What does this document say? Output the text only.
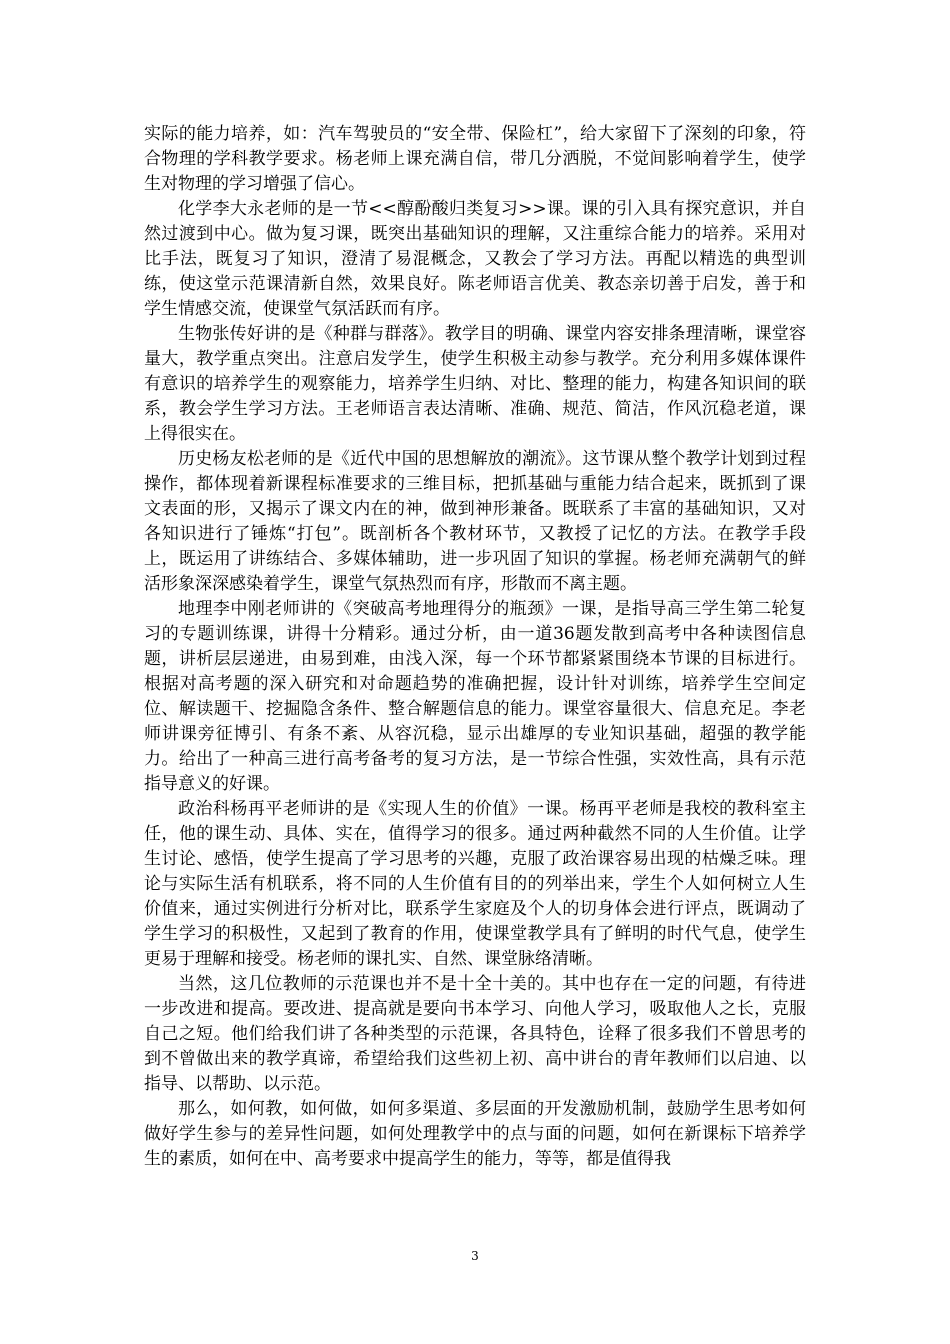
实际的能力培养，如：汽车驾驶员的“安全带、保险杠”，给大家留下了深刻的印象，符合物理的学科教学要求。杨老师上课充满自信，带几分洒脱，不觉间影响着学生，使学生对物理的学习增强了信心。

化学李大永老师的是一节<<醇酚酸归类复习>>课。课的引入具有探究意识，并自然过渡到中心。做为复习课，既突出基础知识的理解，又注重综合能力的培养。采用对比手法，既复习了知识，澄清了易混概念，又教会了学习方法。再配以精选的典型训练，使这堂示范课清新自然，效果良好。陈老师语言优美、教态亲切善于启发，善于和学生情感交流，使课堂气氛活跃而有序。

生物张传好讲的是《种群与群落》。教学目的明确、课堂内容安排条理清晰，课堂容量大，教学重点突出。注意启发学生，使学生积极主动参与教学。充分利用多媒体课件有意识的培养学生的观察能力，培养学生归纳、对比、整理的能力，构建各知识间的联系，教会学生学习方法。王老师语言表达清晰、准确、规范、简洁，作风沉稳老道，课上得很实在。

历史杨友松老师的是《近代中国的思想解放的潮流》。这节课从整个教学计划到过程操作，都体现着新课程标准要求的三维目标，把抓基础与重能力结合起来，既抓到了课文表面的形，又揭示了课文内在的神，做到神形兼备。既联系了丰富的基础知识，又对各知识进行了锤炼“打包”。既剖析各个教材环节，又教授了记忆的方法。在教学手段上，既运用了讲练结合、多媒体辅助，进一步巩固了知识的掌握。杨老师充满朝气的鲜活形象深深感染着学生，课堂气氛热烈而有序，形散而不离主题。

地理李中刚老师讲的《突破高考地理得分的瓶颈》一课，是指导高三学生第二轮复习的专题训练课，讲得十分精彩。通过分析，由一道36题发散到高考中各种读图信息题，讲析层层递进，由易到难，由浅入深，每一个环节都紧紧围绕本节课的目标进行。根据对高考题的深入研究和对命题趋势的准确把握，设计针对训练，培养学生空间定位、解读题干、挖掘隐含条件、整合解题信息的能力。课堂容量很大、信息充足。李老师讲课旁征博引、有条不紊、从容沉稳，显示出雄厚的专业知识基础，超强的教学能力。给出了一种高三进行高考备考的复习方法，是一节综合性强，实效性高，具有示范指导意义的好课。

政治科杨再平老师讲的是《实现人生的价值》一课。杨再平老师是我校的教科室主任，他的课生动、具体、实在，值得学习的很多。通过两种截然不同的人生价值。让学生讨论、感悟，使学生提高了学习思考的兴趣，克服了政治课容易出现的枯燥乏味。理论与实际生活有机联系，将不同的人生价值有目的的列举出来，学生个人如何树立人生价值来，通过实例进行分析对比，联系学生家庭及个人的切身体会进行评点，既调动了学生学习的积极性，又起到了教育的作用，使课堂教学具有了鲜明的时代气息，使学生更易于理解和接受。杨老师的课扎实、自然、课堂脉络清晰。

当然，这几位教师的示范课也并不是十全十美的。其中也存在一定的问题，有待进一步改进和提高。要改进、提高就是要向书本学习、向他人学习，吸取他人之长，克服自己之短。他们给我们讲了各种类型的示范课，各具特色，诠释了很多我们不曾思考的到不曾做出来的教学真谛，希望给我们这些初上初、高中讲台的青年教师们以启迪、以指导、以帮助、以示范。

那么，如何教，如何做，如何多渠道、多层面的开发激励机制，鼓励学生思考如何做好学生参与的差异性问题，如何处理教学中的点与面的问题，如何在新课标下培养学生的素质，如何在中、高考要求中提高学生的能力，等等，都是值得我

3
